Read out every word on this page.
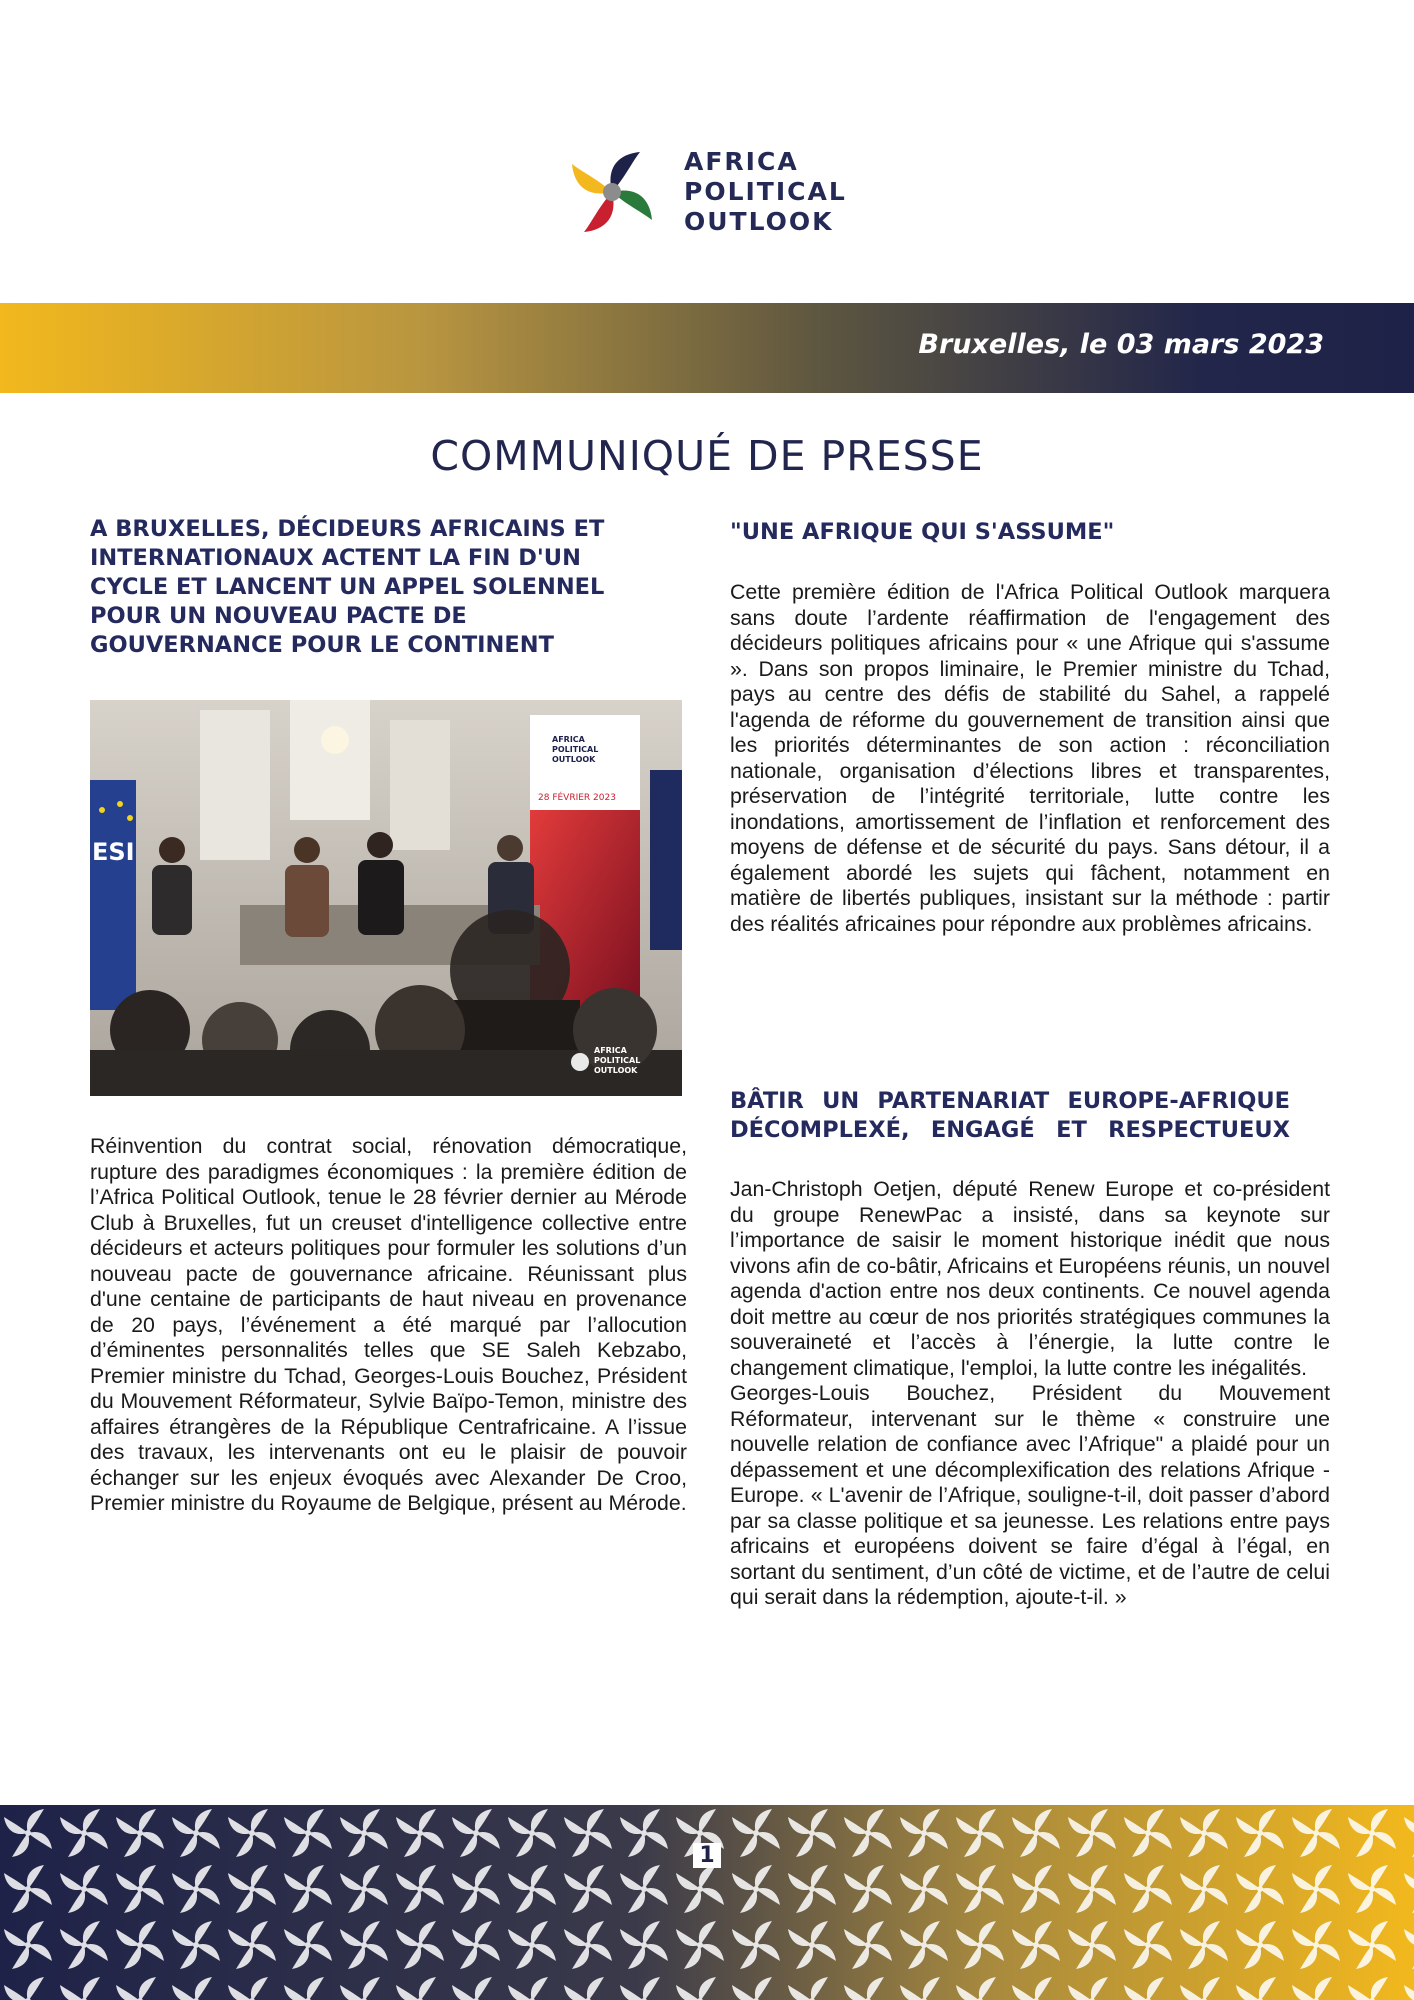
AFRICA
POLITICAL
OUTLOOK
Bruxelles, le 03 mars 2023
COMMUNIQUÉ DE PRESSE
A BRUXELLES, DÉCIDEURS AFRICAINS ET INTERNATIONAUX ACTENT LA FIN D'UN CYCLE ET LANCENT UN APPEL SOLENNEL POUR UN NOUVEAU PACTE DE GOUVERNANCE POUR LE CONTINENT
ESI
AFRICA
POLITICAL
OUTLOOK
28 FÉVRIER 2023
AFRICA
POLITICAL
OUTLOOK

Réinvention du contrat social, rénovation démocratique, rupture des paradigmes économiques : la première édition de l’Africa Political Outlook, tenue le 28 février dernier au Mérode Club à Bruxelles, fut un creuset d'intelligence collective entre décideurs et acteurs politiques pour formuler les solutions d’un nouveau pacte de gouvernance africaine. Réunissant plus d'une centaine de participants de haut niveau en provenance de 20 pays, l’événement a été marqué par l’allocution d’éminentes personnalités telles que SE Saleh Kebzabo, Premier ministre du Tchad, Georges-Louis Bouchez, Président du Mouvement Réformateur, Sylvie Baïpo-Temon, ministre des affaires étrangères de la République Centrafricaine. A l’issue des travaux, les intervenants ont eu le plaisir de pouvoir échanger sur les enjeux évoqués avec Alexander De Croo, Premier ministre du Royaume de Belgique, présent au Mérode.

"UNE AFRIQUE QUI S'ASSUME"

Cette première édition de l'Africa Political Outlook marquera sans doute l’ardente réaffirmation de l'engagement des décideurs politiques africains pour « une Afrique qui s'assume ». Dans son propos liminaire, le Premier ministre du Tchad, pays au centre des défis de stabilité du Sahel, a rappelé l'agenda de réforme du gouvernement de transition ainsi que les priorités déterminantes de son action : réconciliation nationale, organisation d’élections libres et transparentes, préservation de l’intégrité territoriale, lutte contre les inondations, amortissement de l’inflation et renforcement des moyens de défense et de sécurité du pays. Sans détour, il a également abordé les sujets qui fâchent, notamment en matière de libertés publiques, insistant sur la méthode : partir des réalités africaines pour répondre aux problèmes africains.

BÂTIR UN PARTENARIAT EUROPE-AFRIQUE DÉCOMPLEXÉ, ENGAGÉ ET RESPECTUEUX

Jan-Christoph Oetjen, député Renew Europe et co-président du groupe RenewPac a insisté, dans sa keynote sur l’importance de saisir le moment historique inédit que nous vivons afin de co-bâtir, Africains et Européens réunis, un nouvel agenda d'action entre nos deux continents. Ce nouvel agenda doit mettre au cœur de nos priorités stratégiques communes la souveraineté et l’accès à l’énergie, la lutte contre le changement climatique, l'emploi, la lutte contre les inégalités.

Georges-Louis Bouchez, Président du Mouvement Réformateur, intervenant sur le thème « construire une nouvelle relation de confiance avec l’Afrique" a plaidé pour un dépassement et une décomplexification des relations Afrique - Europe. « L'avenir de l’Afrique, souligne-t-il, doit passer d’abord par sa classe politique et sa jeunesse. Les relations entre pays africains et européens doivent se faire d’égal à l’égal, en sortant du sentiment, d’un côté de victime, et de l’autre de celui qui serait dans la rédemption, ajoute-t-il. »

1
